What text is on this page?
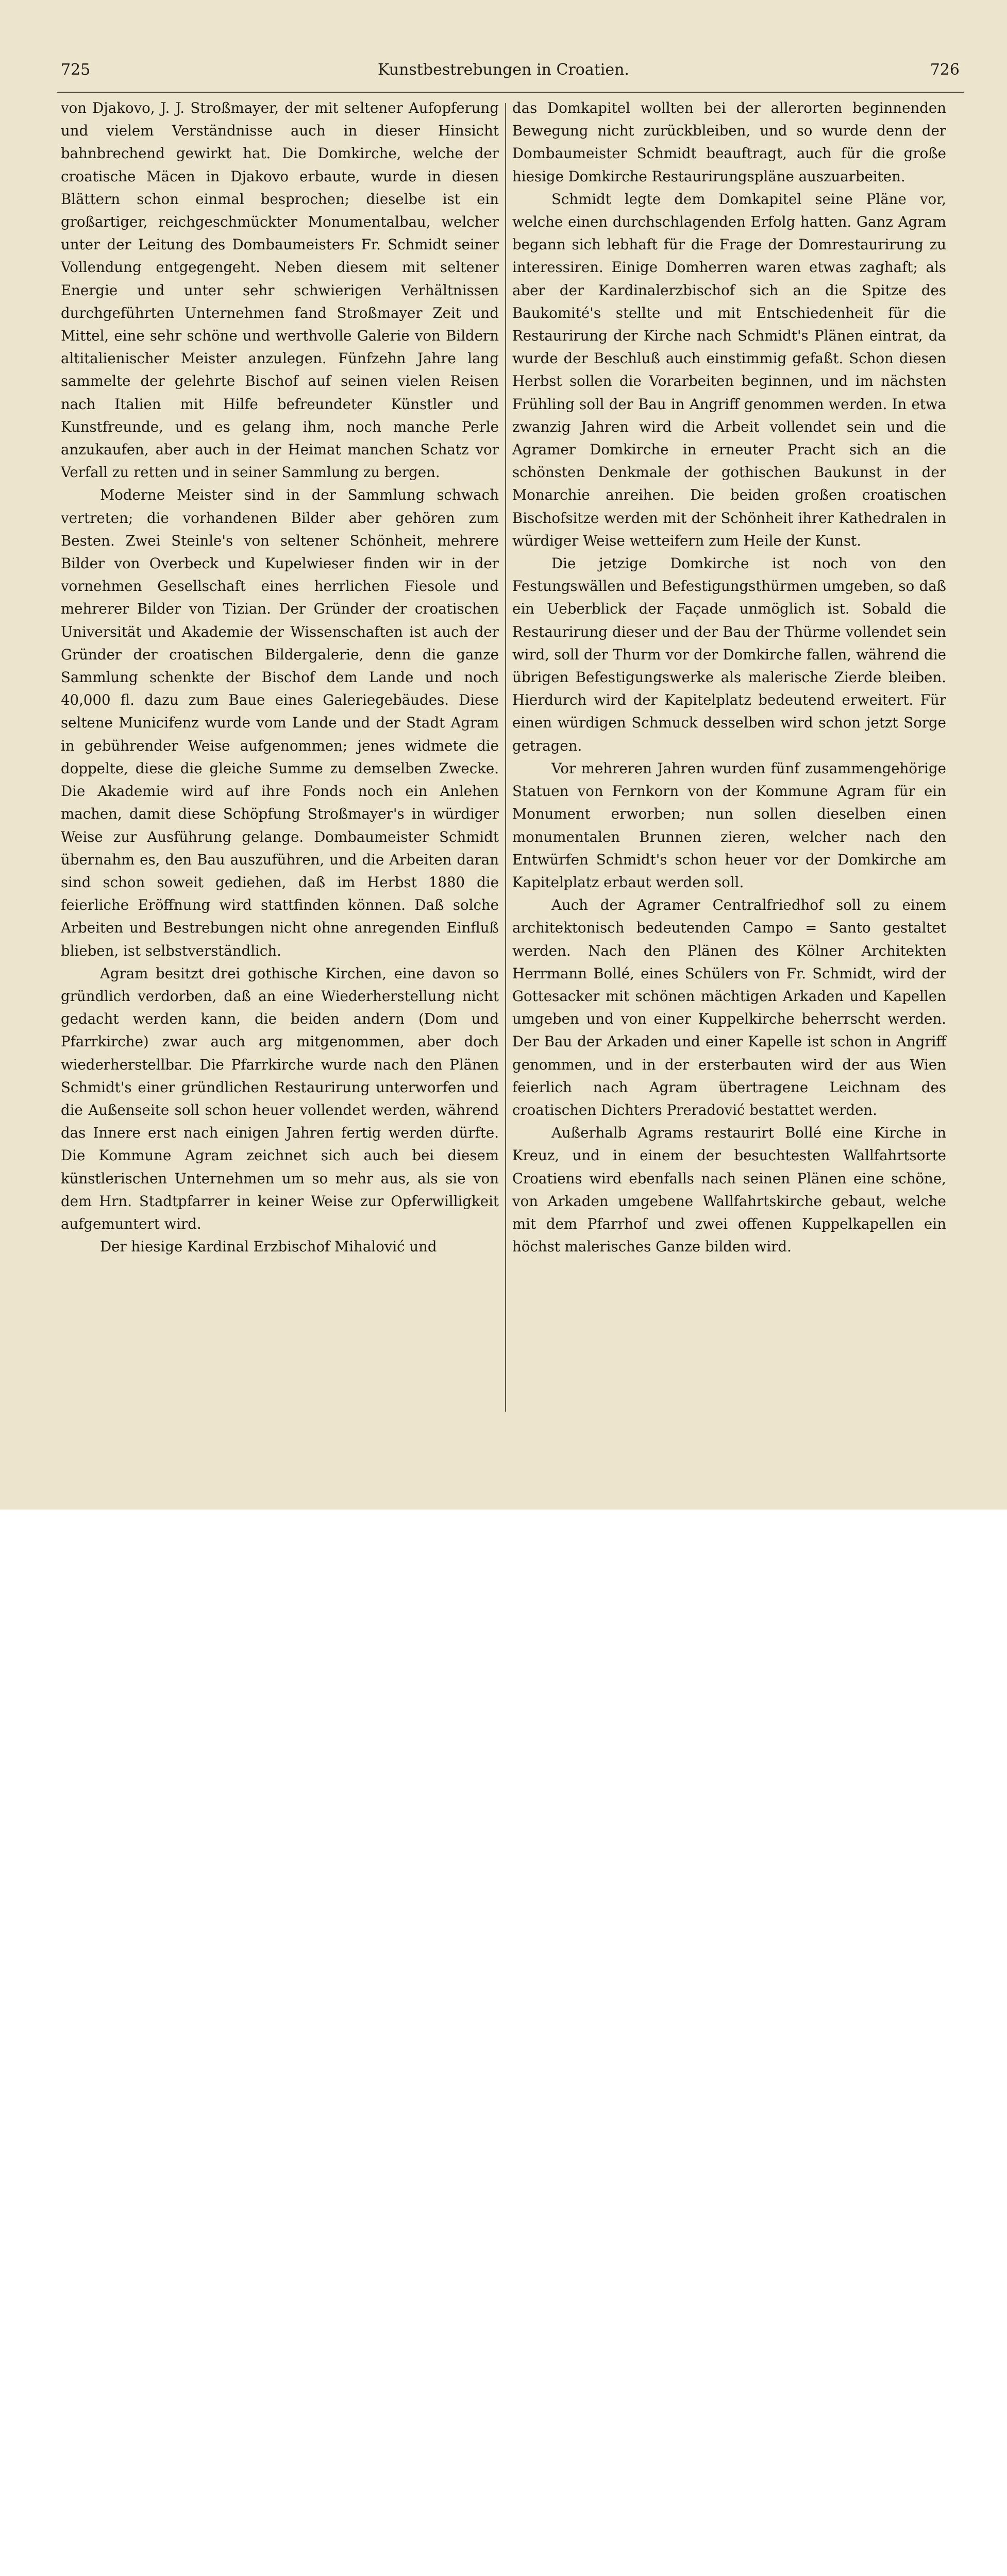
725	Kunstbestrebungen in Croatien.	726

von Djakovo, J. J. Stroßmayer, der mit seltener Aufopferung und vielem Verständnisse auch in dieser Hinsicht bahnbrechend gewirkt hat. Die Domkirche, welche der croatische Mäcen in Djakovo erbaute, wurde in diesen Blättern schon einmal besprochen; dieselbe ist ein großartiger, reichgeschmückter Monumentalbau, welcher unter der Leitung des Dombaumeisters Fr. Schmidt seiner Vollendung entgegengeht. Neben diesem mit seltener Energie und unter sehr schwierigen Verhältnissen durchgeführten Unternehmen fand Stroßmayer Zeit und Mittel, eine sehr schöne und werthvolle Galerie von Bildern altitalienischer Meister anzulegen. Fünfzehn Jahre lang sammelte der gelehrte Bischof auf seinen vielen Reisen nach Italien mit Hilfe befreundeter Künstler und Kunstfreunde, und es gelang ihm, noch manche Perle anzukaufen, aber auch in der Heimat manchen Schatz vor Verfall zu retten und in seiner Sammlung zu bergen.

Moderne Meister sind in der Sammlung schwach vertreten; die vorhandenen Bilder aber gehören zum Besten. Zwei Steinle's von seltener Schönheit, mehrere Bilder von Overbeck und Kupelwieser finden wir in der vornehmen Gesellschaft eines herrlichen Fiesole und mehrerer Bilder von Tizian. Der Gründer der croatischen Universität und Akademie der Wissenschaften ist auch der Gründer der croatischen Bildergalerie, denn die ganze Sammlung schenkte der Bischof dem Lande und noch 40,000 fl. dazu zum Baue eines Galeriegebäudes. Diese seltene Municifenz wurde vom Lande und der Stadt Agram in gebührender Weise aufgenommen; jenes widmete die doppelte, diese die gleiche Summe zu demselben Zwecke. Die Akademie wird auf ihre Fonds noch ein Anlehen machen, damit diese Schöpfung Stroßmayer's in würdiger Weise zur Ausführung gelange. Dombaumeister Schmidt übernahm es, den Bau auszuführen, und die Arbeiten daran sind schon soweit gediehen, daß im Herbst 1880 die feierliche Eröffnung wird stattfinden können. Daß solche Arbeiten und Bestrebungen nicht ohne anregenden Einfluß blieben, ist selbstverständlich.

Agram besitzt drei gothische Kirchen, eine davon so gründlich verdorben, daß an eine Wiederherstellung nicht gedacht werden kann, die beiden andern (Dom und Pfarrkirche) zwar auch arg mitgenommen, aber doch wiederherstellbar. Die Pfarrkirche wurde nach den Plänen Schmidt's einer gründlichen Restaurirung unterworfen und die Außenseite soll schon heuer vollendet werden, während das Innere erst nach einigen Jahren fertig werden dürfte. Die Kommune Agram zeichnet sich auch bei diesem künstlerischen Unternehmen um so mehr aus, als sie von dem Hrn. Stadtpfarrer in keiner Weise zur Opferwilligkeit aufgemuntert wird.

Der hiesige Kardinal Erzbischof Mihalović und

das Domkapitel wollten bei der allerorten beginnenden Bewegung nicht zurückbleiben, und so wurde denn der Dombaumeister Schmidt beauftragt, auch für die große hiesige Domkirche Restaurirungspläne auszuarbeiten.

Schmidt legte dem Domkapitel seine Pläne vor, welche einen durchschlagenden Erfolg hatten. Ganz Agram begann sich lebhaft für die Frage der Domrestaurirung zu interessiren. Einige Domherren waren etwas zaghaft; als aber der Kardinalerzbischof sich an die Spitze des Baukomité's stellte und mit Entschiedenheit für die Restaurirung der Kirche nach Schmidt's Plänen eintrat, da wurde der Beschluß auch einstimmig gefaßt. Schon diesen Herbst sollen die Vorarbeiten beginnen, und im nächsten Frühling soll der Bau in Angriff genommen werden. In etwa zwanzig Jahren wird die Arbeit vollendet sein und die Agramer Domkirche in erneuter Pracht sich an die schönsten Denkmale der gothischen Baukunst in der Monarchie anreihen. Die beiden großen croatischen Bischofsitze werden mit der Schönheit ihrer Kathedralen in würdiger Weise wetteifern zum Heile der Kunst.

Die jetzige Domkirche ist noch von den Festungswällen und Befestigungsthürmen umgeben, so daß ein Ueberblick der Façade unmöglich ist. Sobald die Restaurirung dieser und der Bau der Thürme vollendet sein wird, soll der Thurm vor der Domkirche fallen, während die übrigen Befestigungswerke als malerische Zierde bleiben. Hierdurch wird der Kapitelplatz bedeutend erweitert. Für einen würdigen Schmuck desselben wird schon jetzt Sorge getragen.

Vor mehreren Jahren wurden fünf zusammengehörige Statuen von Fernkorn von der Kommune Agram für ein Monument erworben; nun sollen dieselben einen monumentalen Brunnen zieren, welcher nach den Entwürfen Schmidt's schon heuer vor der Domkirche am Kapitelplatz erbaut werden soll.

Auch der Agramer Centralfriedhof soll zu einem architektonisch bedeutenden Campo = Santo gestaltet werden. Nach den Plänen des Kölner Architekten Herrmann Bollé, eines Schülers von Fr. Schmidt, wird der Gottesacker mit schönen mächtigen Arkaden und Kapellen umgeben und von einer Kuppelkirche beherrscht werden. Der Bau der Arkaden und einer Kapelle ist schon in Angriff genommen, und in der ersterbauten wird der aus Wien feierlich nach Agram übertragene Leichnam des croatischen Dichters Preradović bestattet werden.

Außerhalb Agrams restaurirt Bollé eine Kirche in Kreuz, und in einem der besuchtesten Wallfahrtsorte Croatiens wird ebenfalls nach seinen Plänen eine schöne, von Arkaden umgebene Wallfahrtskirche gebaut, welche mit dem Pfarrhof und zwei offenen Kuppelkapellen ein höchst malerisches Ganze bilden wird.
